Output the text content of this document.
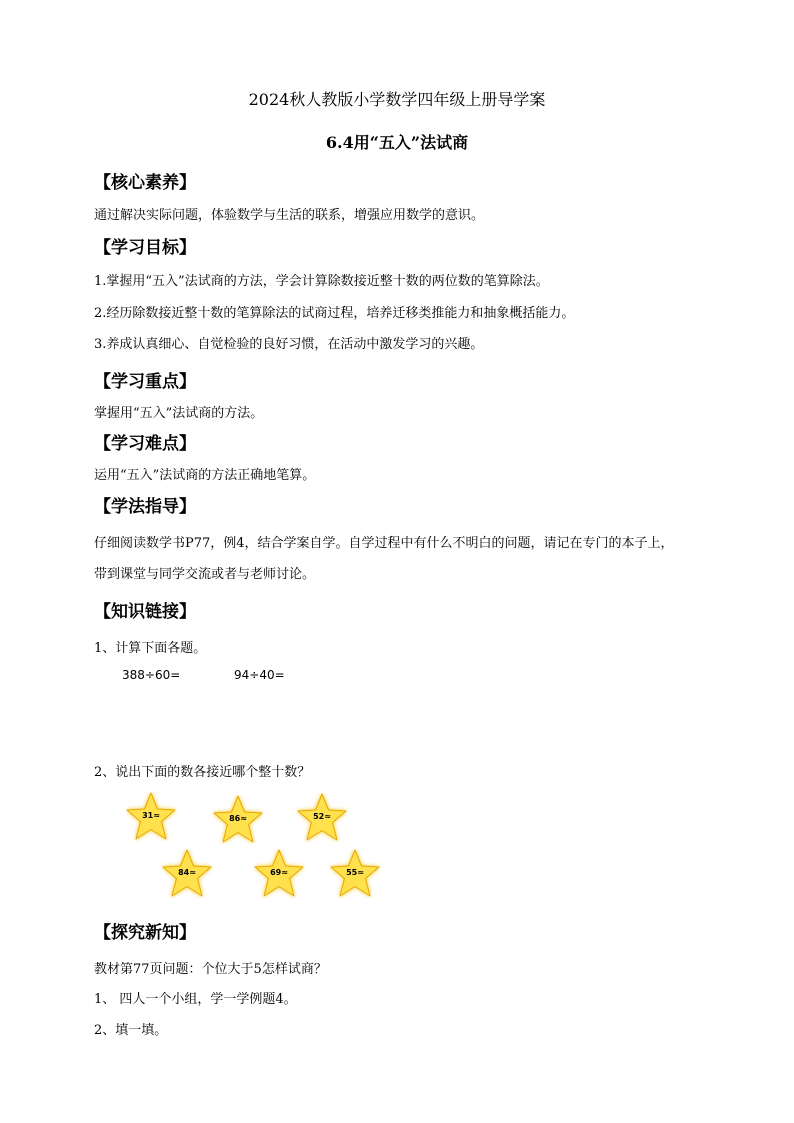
2024秋人教版小学数学四年级上册导学案
6.4用“五入”法试商
【核心素养】
通过解决实际问题，体验数学与生活的联系，增强应用数学的意识。
【学习目标】
1.掌握用“五入”法试商的方法，学会计算除数接近整十数的两位数的笔算除法。
2.经历除数接近整十数的笔算除法的试商过程，培养迁移类推能力和抽象概括能力。
3.养成认真细心、自觉检验的良好习惯，在活动中激发学习的兴趣。
【学习重点】
掌握用“五入”法试商的方法。
【学习难点】
运用“五入”法试商的方法正确地笔算。
【学法指导】
仔细阅读数学书P77，例4，结合学案自学。自学过程中有什么不明白的问题，请记在专门的本子上，
带到课堂与同学交流或者与老师讨论。
【知识链接】
1、计算下面各题。
388÷60=	94÷40=
2、说出下面的数各接近哪个整十数？
31≈	86≈	52≈
84≈	69≈	55≈
【探究新知】
教材第77页问题：个位大于5怎样试商？
1、 四人一个小组，学一学例题4。
2、填一填。
